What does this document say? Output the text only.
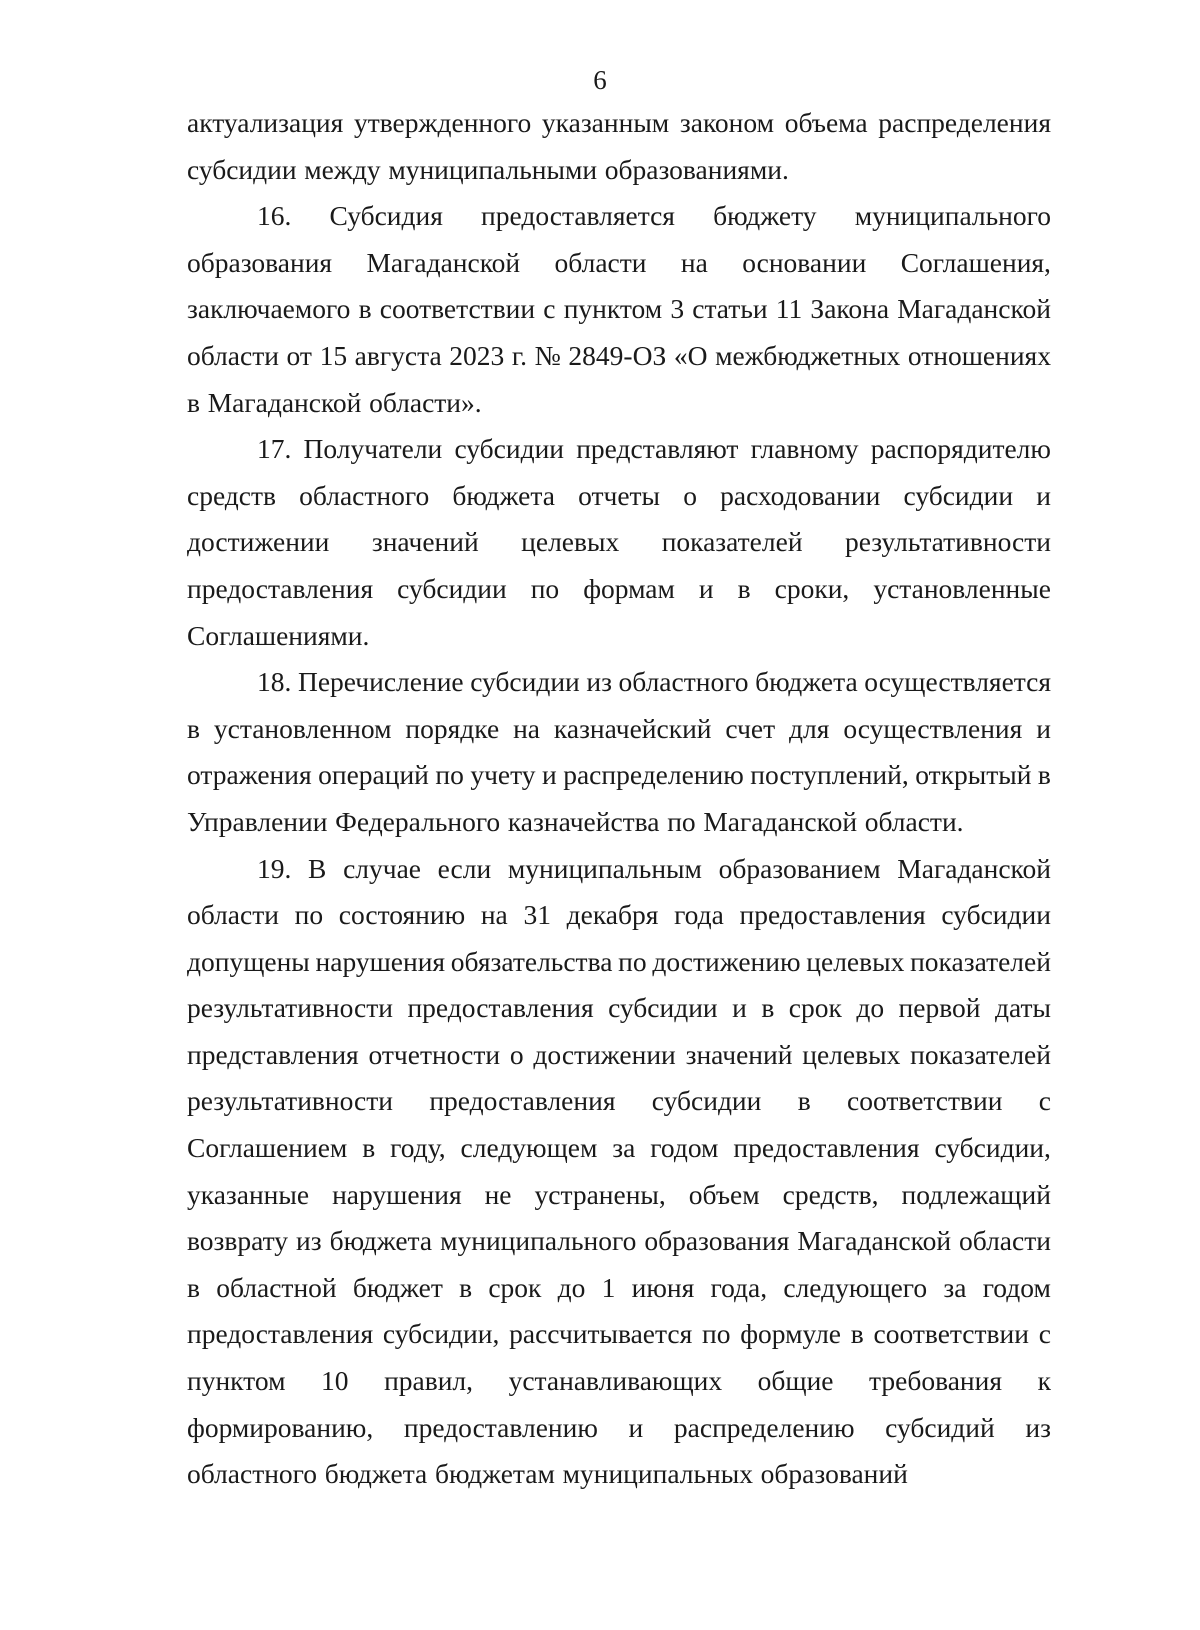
6
актуализация утвержденного указанным законом объема распределения
субсидии между муниципальными образованиями.
16. Субсидия предоставляется бюджету муниципального
образования Магаданской области на основании Соглашения,
заключаемого в соответствии с пунктом 3 статьи 11 Закона Магаданской
области от 15 августа 2023 г. № 2849-ОЗ «О межбюджетных отношениях
в Магаданской области».
17. Получатели субсидии представляют главному распорядителю
средств областного бюджета отчеты о расходовании субсидии и
достижении значений целевых показателей результативности
предоставления субсидии по формам и в сроки, установленные
Соглашениями.
18. Перечисление субсидии из областного бюджета осуществляется
в установленном порядке на казначейский счет для осуществления и
отражения операций по учету и распределению поступлений, открытый в
Управлении Федерального казначейства по Магаданской области.
19. В случае если муниципальным образованием Магаданской
области по состоянию на 31 декабря года предоставления субсидии
допущены нарушения обязательства по достижению целевых показателей
результативности предоставления субсидии и в срок до первой даты
представления отчетности о достижении значений целевых показателей
результативности предоставления субсидии в соответствии с
Соглашением в году, следующем за годом предоставления субсидии,
указанные нарушения не устранены, объем средств, подлежащий
возврату из бюджета муниципального образования Магаданской области
в областной бюджет в срок до 1 июня года, следующего за годом
предоставления субсидии, рассчитывается по формуле в соответствии с
пунктом 10 правил, устанавливающих общие требования к
формированию, предоставлению и распределению субсидий из
областного бюджета бюджетам муниципальных образований
